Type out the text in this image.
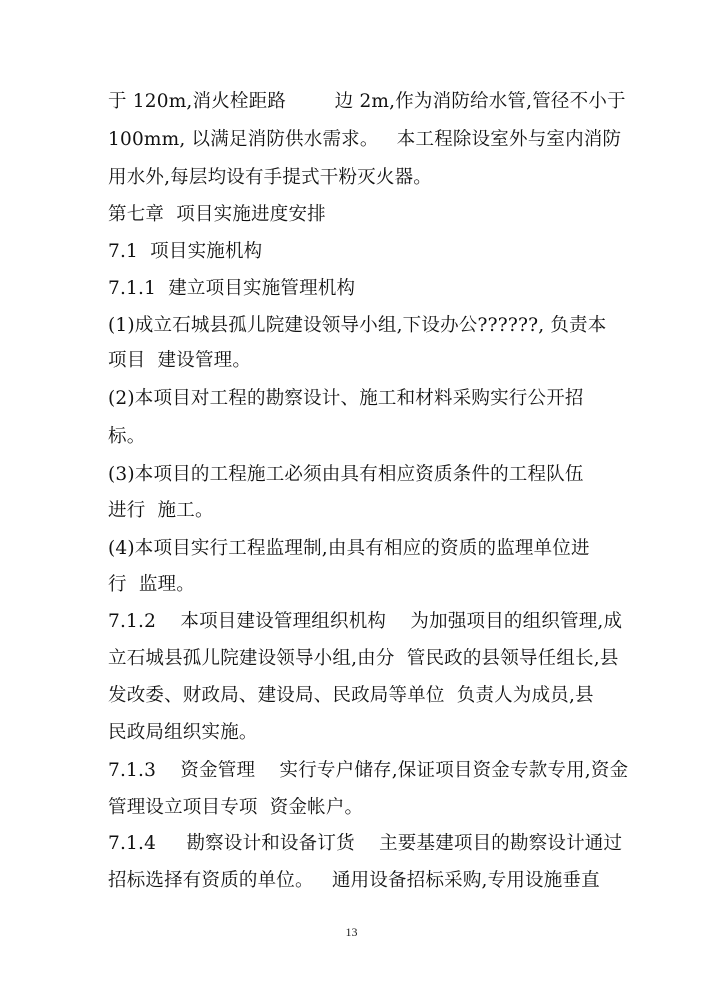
于 120m,消火栓距路        边 2m,作为消防给水管,管径不小于
100mm, 以满足消防供水需求。   本工程除设室外与室内消防
用水外,每层均设有手提式干粉灭火器。
第七章  项目实施进度安排
7.1  项目实施机构
7.1.1  建立项目实施管理机构
(1)成立石城县孤儿院建设领导小组,下设办公??????, 负责本
项目  建设管理。
(2)本项目对工程的勘察设计、施工和材料采购实行公开招
标。
(3)本项目的工程施工必须由具有相应资质条件的工程队伍
进行  施工。
(4)本项目实行工程监理制,由具有相应的资质的监理单位进
行  监理。
7.1.2    本项目建设管理组织机构    为加强项目的组织管理,成
立石城县孤儿院建设领导小组,由分  管民政的县领导任组长,县
发改委、财政局、建设局、民政局等单位  负责人为成员,县
民政局组织实施。
7.1.3    资金管理    实行专户储存,保证项目资金专款专用,资金
管理设立项目专项  资金帐户。
7.1.4     勘察设计和设备订货    主要基建项目的勘察设计通过
招标选择有资质的单位。   通用设备招标采购,专用设施垂直
13
